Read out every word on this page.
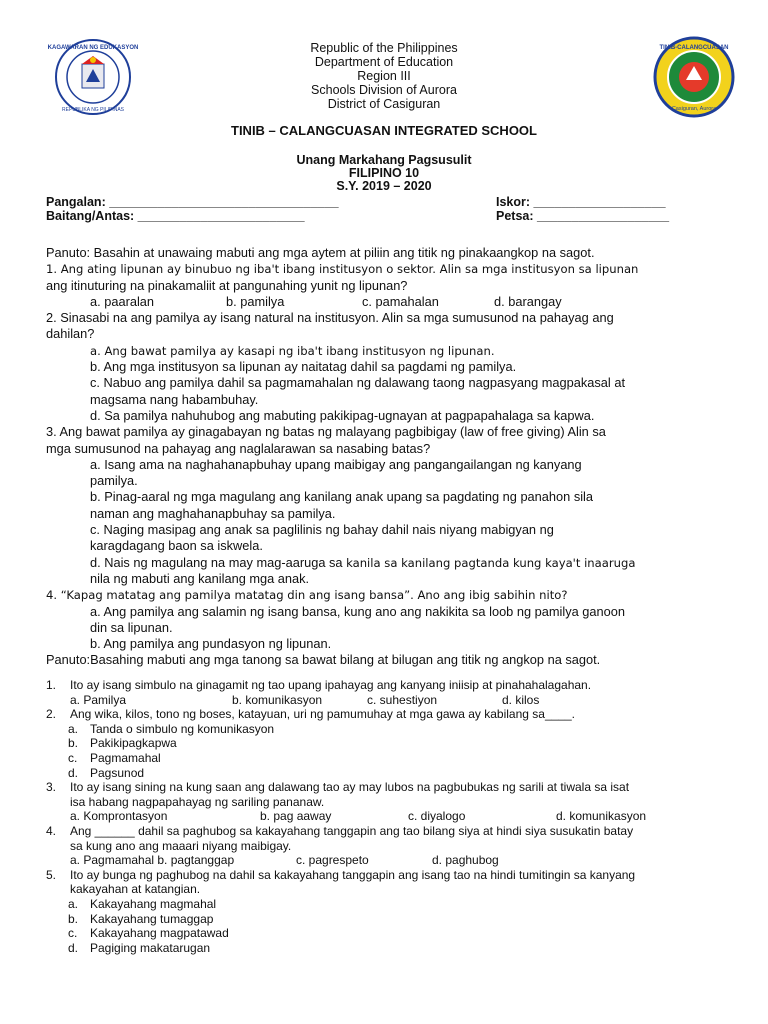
KAGAWARAN NG EDUKASYON
REPUBLIKA NG PILIPINAS
TINIB-CALANGCUASAN
Casiguran, Aurora
Republic of the Philippines
Department of Education
Region III
Schools Division of Aurora
District of Casiguran
TINIB – CALANGCUASAN INTEGRATED SCHOOL
Unang Markahang Pagsusulit
FILIPINO 10
S.Y. 2019 – 2020
Pangalan: _________________________________	Iskor: ___________________
Baitang/Antas: ________________________	Petsa: ___________________

Panuto: Basahin at unawaing mabuti ang mga aytem at piliin ang titik ng pinakaangkop na sagot.

1. Ang ating lipunan ay binubuo ng iba't ibang institusyon o sektor. Alin sa mga institusyon sa lipunan

ang itinuturing na pinakamaliit at pangunahing yunit ng lipunan?

a. paaralan	b. pamilya	c. pamahalan	d. barangay

2. Sinasabi na ang pamilya ay isang natural na institusyon. Alin sa mga sumusunod na pahayag ang

dahilan?

a. Ang bawat pamilya ay kasapi ng iba't ibang institusyon ng lipunan.

b. Ang mga institusyon sa lipunan ay naitatag dahil sa pagdami ng pamilya.

c. Nabuo ang pamilya dahil sa pagmamahalan ng dalawang taong nagpasyang magpakasal at

magsama nang habambuhay.

d. Sa pamilya nahuhubog ang mabuting pakikipag-ugnayan at pagpapahalaga sa kapwa.

3. Ang bawat pamilya ay ginagabayan ng batas ng malayang pagbibigay (law of free giving) Alin sa

mga sumusunod na pahayag ang naglalarawan sa nasabing batas?

a. Isang ama na naghahanapbuhay upang maibigay ang pangangailangan ng kanyang

pamilya.

b. Pinag-aaral ng mga magulang ang kanilang anak upang sa pagdating ng panahon sila

naman ang maghahanapbuhay sa pamilya.

c. Naging masipag ang anak sa paglilinis ng bahay dahil nais niyang mabigyan ng

karagdagang baon sa iskwela.

d. Nais ng magulang na may mag-aaruga sa kanila sa kanilang pagtanda kung kaya't inaaruga

nila ng mabuti ang kanilang mga anak.

4. “Kapag matatag ang pamilya matatag din ang isang bansa”. Ano ang ibig sabihin nito?

a. Ang pamilya ang salamin ng isang bansa, kung ano ang nakikita sa loob ng pamilya ganoon

din sa lipunan.

b. Ang pamilya ang pundasyon ng lipunan.

Panuto:Basahing mabuti ang mga tanong sa bawat bilang at bilugan ang titik ng angkop na sagot.

1. Ito ay isang simbulo na ginagamit ng tao upang ipahayag ang kanyang iniisip at pinahahalagahan.
a. Pamilya	b. komunikasyon	c. suhestiyon	d. kilos
2. Ang wika, kilos, tono ng boses, katayuan, uri ng pamumuhay at mga gawa ay kabilang sa____.
a. Tanda o simbulo ng komunikasyon
b. Pakikipagkapwa
c. Pagmamahal
d. Pagsunod
3. Ito ay isang sining na kung saan ang dalawang tao ay may lubos na pagbubukas ng sarili at tiwala sa isat
isa habang nagpapahayag ng sariling pananaw.
a. Komprontasyon	b. pag aaway	c. diyalogo	d. komunikasyon
4. Ang ______ dahil sa paghubog sa kakayahang tanggapin ang tao bilang siya at hindi siya susukatin batay
sa kung ano ang maaari niyang maibigay.
a. Pagmamahal b. pagtanggap	c. pagrespeto	d. paghubog
5. Ito ay bunga ng paghubog na dahil sa kakayahang tanggapin ang isang tao na hindi tumitingin sa kanyang
kakayahan at katangian.
a. Kakayahang magmahal
b. Kakayahang tumaggap
c. Kakayahang magpatawad
d. Pagiging makatarugan
